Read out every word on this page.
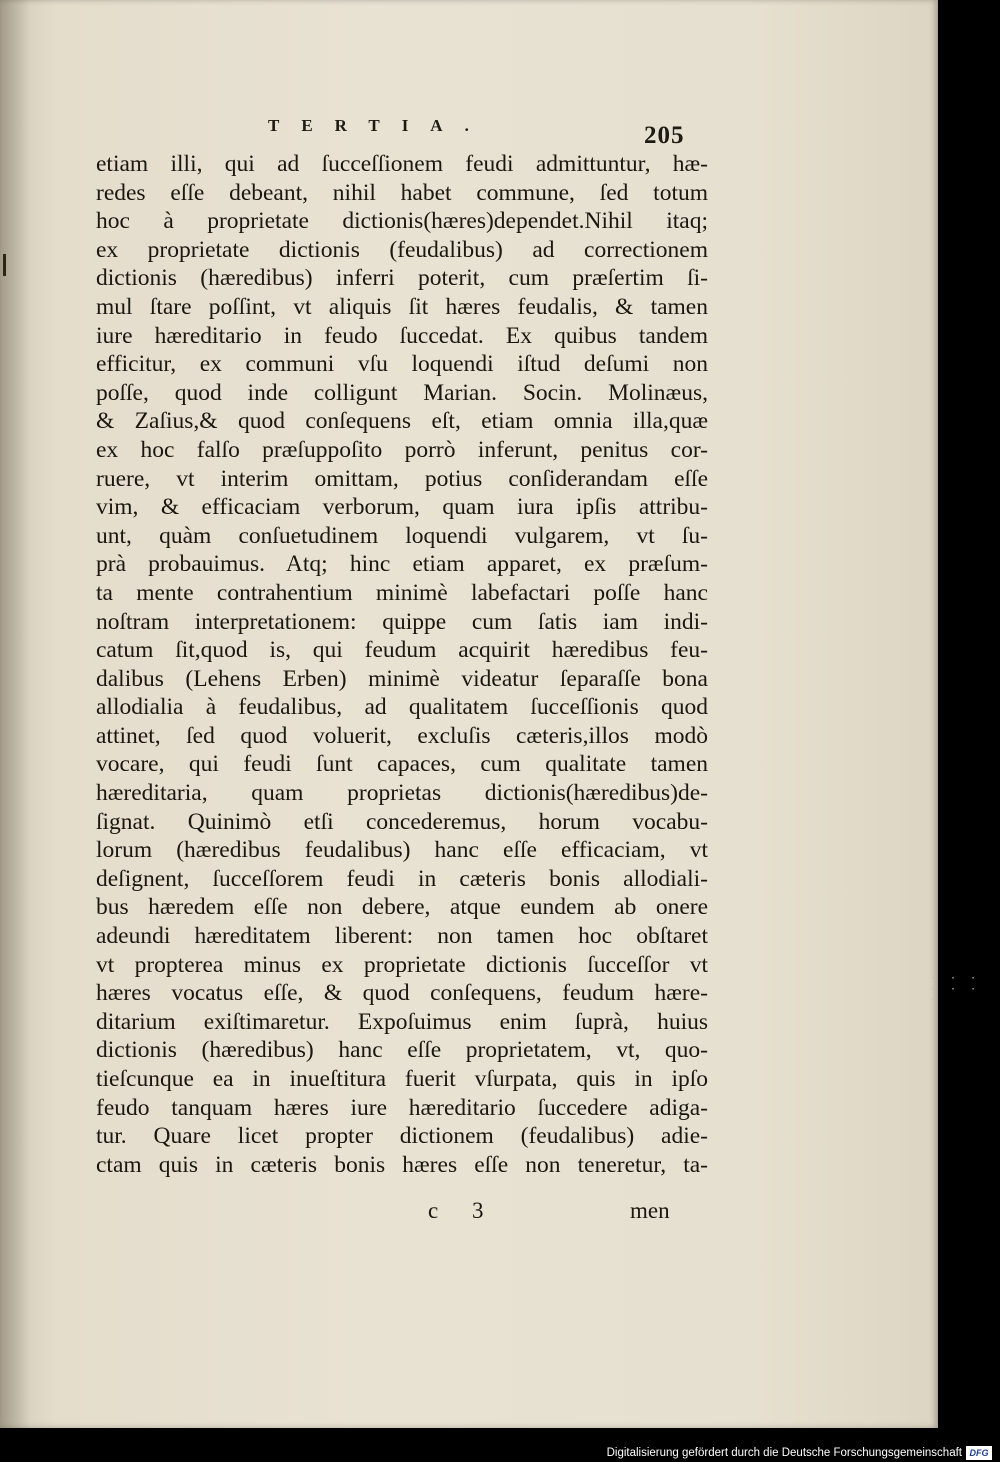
TERTIA.	205
etiam illi, qui ad ſucceſſionem feudi admittuntur, hæ-
redes eſſe debeant, nihil habet commune, ſed totum
hoc à proprietate dictionis(hæres)dependet.Nihil itaq;
ex proprietate dictionis (feudalibus) ad correctionem
dictionis (hæredibus) inferri poterit, cum præſertim ſi-
mul ſtare poſſint, vt aliquis ſit hæres feudalis, & tamen
iure hæreditario in feudo ſuccedat. Ex quibus tandem
efficitur, ex communi vſu loquendi iſtud deſumi non
poſſe, quod inde colligunt Marian. Socin. Molinæus,
& Zaſius,& quod conſequens eſt, etiam omnia illa,quæ
ex hoc falſo præſuppoſito porrò inferunt, penitus cor-
ruere, vt interim omittam, potius conſiderandam eſſe
vim, & efficaciam verborum, quam iura ipſis attribu-
unt, quàm conſuetudinem loquendi vulgarem, vt ſu-
prà probauimus. Atq; hinc etiam apparet, ex præſum-
ta mente contrahentium minimè labefactari poſſe hanc
noſtram interpretationem: quippe cum ſatis iam indi-
catum ſit,quod is, qui feudum acquirit hæredibus feu-
dalibus (Lehens Erben) minimè videatur ſeparaſſe bona
allodialia à feudalibus, ad qualitatem ſucceſſionis quod
attinet, ſed quod voluerit, excluſis cæteris,illos modò
vocare, qui feudi ſunt capaces, cum qualitate tamen
hæreditaria, quam proprietas dictionis(hæredibus)de-
ſignat. Quinimò etſi concederemus, horum vocabu-
lorum (hæredibus feudalibus) hanc eſſe efficaciam, vt
deſignent, ſucceſſorem feudi in cæteris bonis allodiali-
bus hæredem eſſe non debere, atque eundem ab onere
adeundi hæreditatem liberent: non tamen hoc obſtaret
vt propterea minus ex proprietate dictionis ſucceſſor vt
hæres vocatus eſſe, & quod conſequens, feudum hære-
ditarium exiſtimaretur. Expoſuimus enim ſuprà, huius
dictionis (hæredibus) hanc eſſe proprietatem, vt, quo-
tieſcunque ea in inueſtitura fuerit vſurpata, quis in ipſo
feudo tanquam hæres iure hæreditario ſuccedere adiga-
tur. Quare licet propter dictionem (feudalibus) adie-
ctam quis in cæteris bonis hæres eſſe non teneretur, ta-
c 3	men
· · · · · · ·
Digitalisierung gefördert durch die Deutsche Forschungsgemeinschaft DFG
